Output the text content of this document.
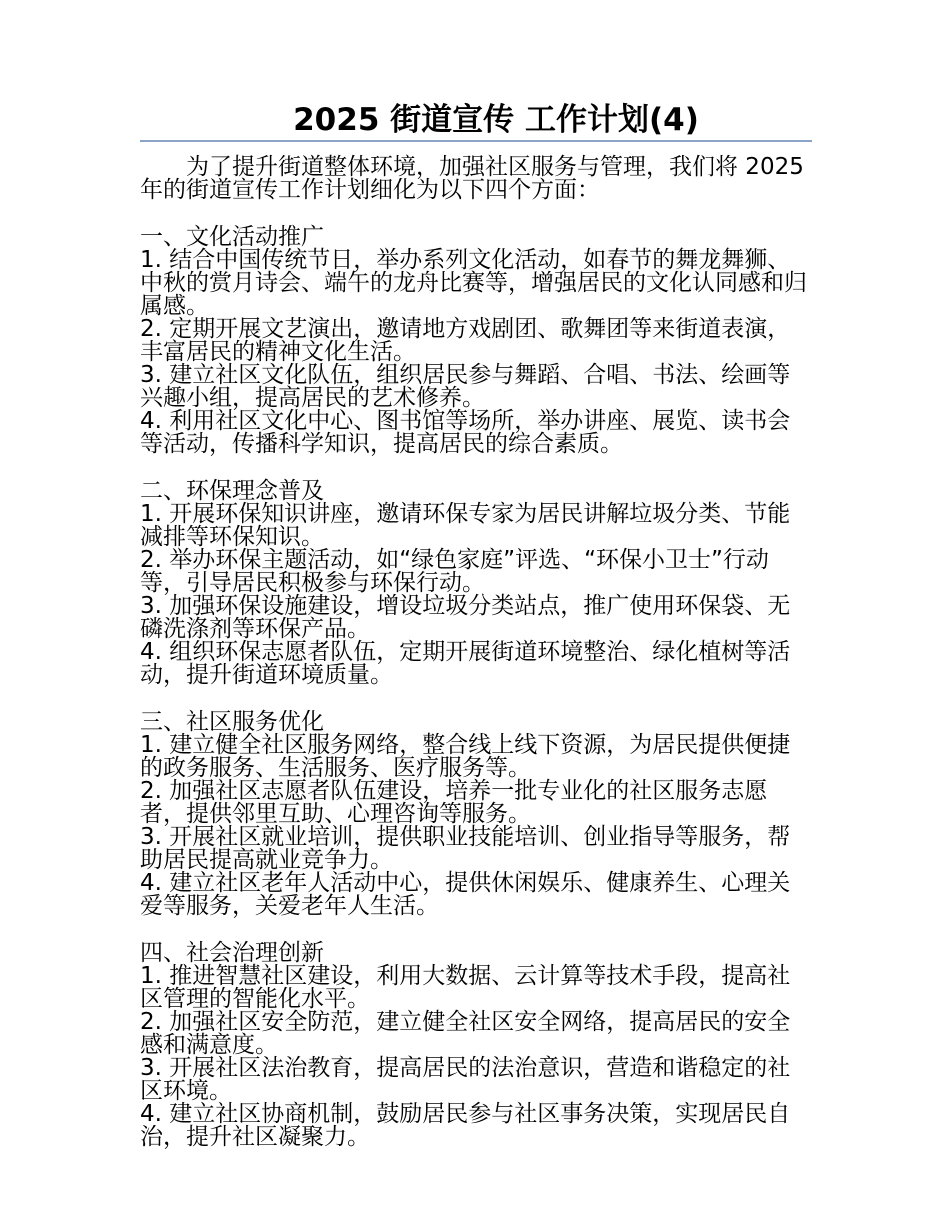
2025 街道宣传 工作计划(4)

为了提升街道整体环境，加强社区服务与管理，我们将 2025 年的街道宣传工作计划细化为以下四个方面：

一、文化活动推广

1. 结合中国传统节日，举办系列文化活动，如春节的舞龙舞狮、中秋的赏月诗会、端午的龙舟比赛等，增强居民的文化认同感和归属感。

2. 定期开展文艺演出，邀请地方戏剧团、歌舞团等来街道表演，丰富居民的精神文化生活。

3. 建立社区文化队伍，组织居民参与舞蹈、合唱、书法、绘画等兴趣小组，提高居民的艺术修养。

4. 利用社区文化中心、图书馆等场所，举办讲座、展览、读书会等活动，传播科学知识，提高居民的综合素质。

二、环保理念普及

1. 开展环保知识讲座，邀请环保专家为居民讲解垃圾分类、节能减排等环保知识。

2. 举办环保主题活动，如“绿色家庭”评选、“环保小卫士”行动等，引导居民积极参与环保行动。

3. 加强环保设施建设，增设垃圾分类站点，推广使用环保袋、无磷洗涤剂等环保产品。

4. 组织环保志愿者队伍，定期开展街道环境整治、绿化植树等活动，提升街道环境质量。

三、社区服务优化

1. 建立健全社区服务网络，整合线上线下资源，为居民提供便捷的政务服务、生活服务、医疗服务等。

2. 加强社区志愿者队伍建设，培养一批专业化的社区服务志愿者，提供邻里互助、心理咨询等服务。

3. 开展社区就业培训，提供职业技能培训、创业指导等服务，帮助居民提高就业竞争力。

4. 建立社区老年人活动中心，提供休闲娱乐、健康养生、心理关爱等服务，关爱老年人生活。

四、社会治理创新

1. 推进智慧社区建设，利用大数据、云计算等技术手段，提高社区管理的智能化水平。

2. 加强社区安全防范，建立健全社区安全网络，提高居民的安全感和满意度。

3. 开展社区法治教育，提高居民的法治意识，营造和谐稳定的社区环境。

4. 建立社区协商机制，鼓励居民参与社区事务决策，实现居民自治，提升社区凝聚力。
